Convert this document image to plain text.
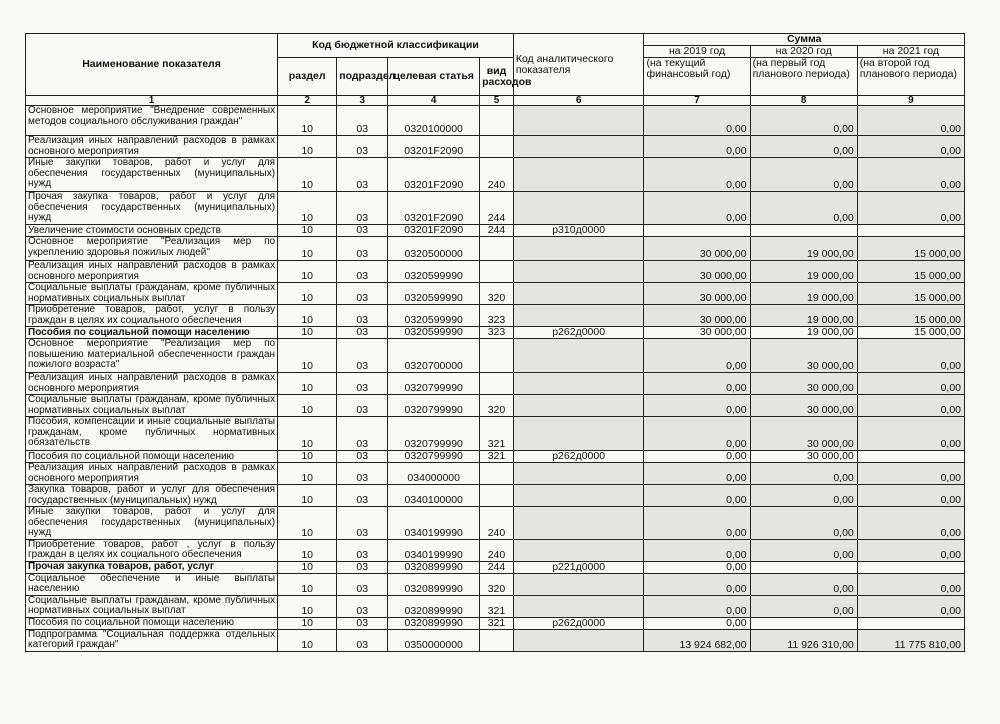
Наименование показателя	Код бюджетной классификации				Код аналитического показателя	Сумма		
						на 2019 год	на 2020 год	на 2021 год
	раздел	подраздел	целевая статья	вид расходов		(на текущий финансовый год)	(на первый год планового периода)	(на второй год планового периода)
1	2	3	4	5	6	7	8	9
Основное мероприятие "Внедрение современных методов социального обслуживания граждан"	10	03	0320100000			0,00	0,00	0,00
Реализация иных направлений расходов в рамках основного мероприятия	10	03	03201F2090			0,00	0,00	0,00
Иные закупки товаров, работ и услуг для обеспечения государственных (муниципальных) нужд	10	03	03201F2090	240		0,00	0,00	0,00
Прочая закупка товаров, работ и услуг для обеспечения государственных (муниципальных) нужд	10	03	03201F2090	244		0,00	0,00	0,00
Увеличение стоимости основных средств	10	03	03201F2090	244	р310д0000			
Основное мероприятие "Реализация мер по укреплению здоровья пожилых людей"	10	03	0320500000			30 000,00	19 000,00	15 000,00
Реализация иных направлений расходов в рамках основного мероприятия	10	03	0320599990			30 000,00	19 000,00	15 000,00
Социальные выплаты гражданам, кроме публичных нормативных социальных выплат	10	03	0320599990	320		30 000,00	19 000,00	15 000,00
Приобретение товаров, работ, услуг в пользу граждан в целях их социального обеспечения	10	03	0320599990	323		30 000,00	19 000,00	15 000,00
Пособия по социальной помощи населению	10	03	0320599990	323	р262д0000	30 000,00	19 000,00	15 000,00
Основное мероприятие "Реализация мер по повышению материальной обеспеченности граждан пожилого возраста"	10	03	0320700000			0,00	30 000,00	0,00
Реализация иных направлений расходов в рамках основного мероприятия	10	03	0320799990			0,00	30 000,00	0,00
Социальные выплаты гражданам, кроме публичных нормативных социальных выплат	10	03	0320799990	320		0,00	30 000,00	0,00
Пособия, компенсации и иные социальные выплаты гражданам, кроме публичных нормативных обязательств	10	03	0320799990	321		0,00	30 000,00	0,00
Пособия по социальной помощи населению	10	03	0320799990	321	р262д0000	0,00	30 000,00	
Реализация иных направлений расходов в рамках основного мероприятия	10	03	034000000			0,00	0,00	0,00
Закупка товаров, работ и услуг для обеспечения государственных (муниципальных) нужд	10	03	0340100000			0,00	0,00	0,00
Иные закупки товаров, работ и услуг для обеспечения государственных (муниципальных) нужд	10	03	0340199990	240		0,00	0,00	0,00
Приобретение товаров, работ , услуг в пользу граждан в целях их социального обеспечения	10	03	0340199990	240		0,00	0,00	0,00
Прочая закупка товаров, работ, услуг	10	03	0320899990	244	р221д0000	0,00		
Социальное обеспечение и иные выплаты населению	10	03	0320899990	320		0,00	0,00	0,00
Социальные выплаты гражданам, кроме публичных нормативных социальных выплат	10	03	0320899990	321		0,00	0,00	0,00
Пособия по социальной помощи населению	10	03	0320899990	321	р262д0000	0,00		
Подпрограмма "Социальная поддержка отдельных категорий граждан"	10	03	0350000000			13 924 682,00	11 926 310,00	11 775 810,00
